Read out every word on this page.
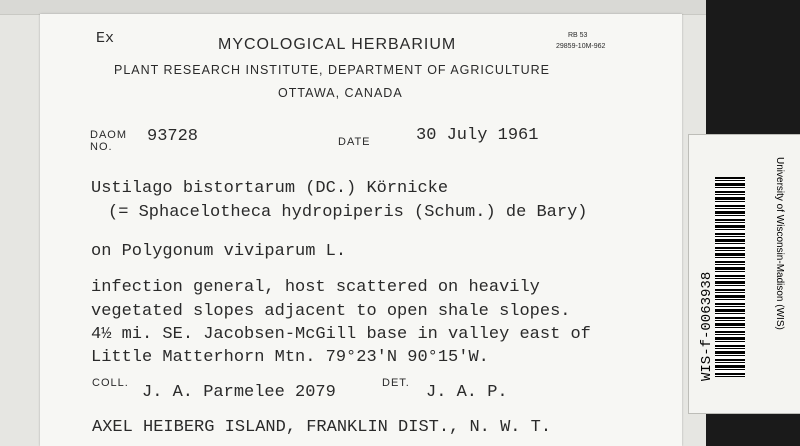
Ex	MYCOLOGICAL HERBARIUM
RB 53
29859-10M-962
PLANT RESEARCH INSTITUTE, DEPARTMENT OF AGRICULTURE
OTTAWA, CANADA
DAOM
NO.
93728	DATE	30 July 1961
Ustilago bistortarum (DC.) Körnicke
(= Sphacelotheca hydropiperis (Schum.) de Bary)
on Polygonum viviparum L.
infection general, host scattered on heavily
vegetated slopes adjacent to open shale slopes.
4½ mi. SE. Jacobsen-McGill base in valley east of
Little Matterhorn Mtn. 79°23'N 90°15'W.
COLL. J. A. Parmelee 2079	DET. J. A. P.
AXEL HEIBERG ISLAND, FRANKLIN DIST., N. W. T.
WIS-f-0063938	University of Wisconsin-Madison (WIS)
